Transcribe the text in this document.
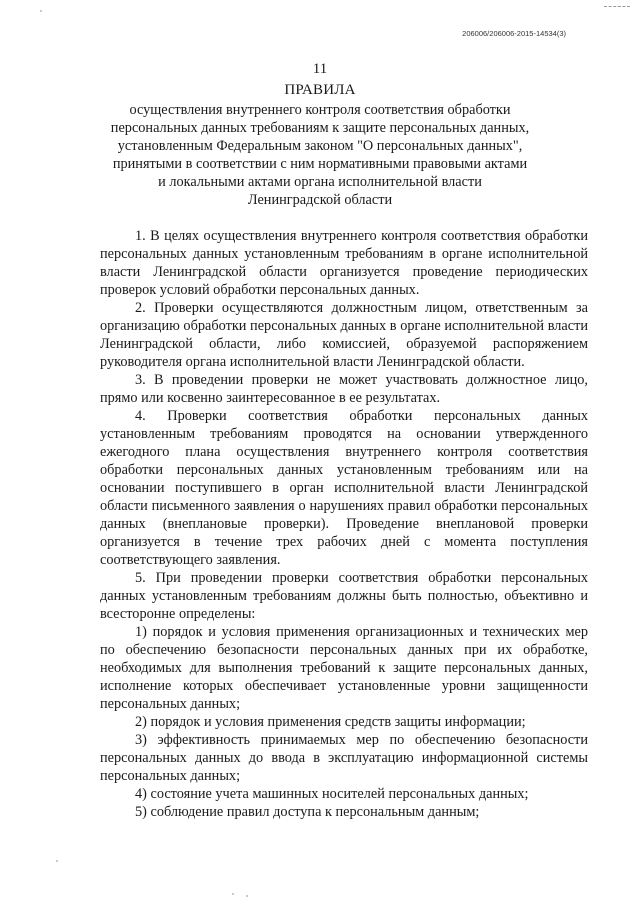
206006/206006-2015-14534(3)
11
ПРАВИЛА
осуществления внутреннего контроля соответствия обработки
персональных данных требованиям к защите персональных данных,
установленным Федеральным законом "О персональных данных",
принятыми в соответствии с ним нормативными правовыми актами
и локальными актами органа исполнительной власти
Ленинградской области

1. В целях осуществления внутреннего контроля соответствия обработки персональных данных установленным требованиям в органе исполнительной власти Ленинградской области организуется проведение периодических проверок условий обработки персональных данных.

2. Проверки осуществляются должностным лицом, ответственным за организацию обработки персональных данных в органе исполнительной власти Ленинградской области, либо комиссией, образуемой распоряжением руководителя органа исполнительной власти Ленинградской области.

3. В проведении проверки не может участвовать должностное лицо, прямо или косвенно заинтересованное в ее результатах.

4. Проверки соответствия обработки персональных данных установленным требованиям проводятся на основании утвержденного ежегодного плана осуществления внутреннего контроля соответствия обработки персональных данных установленным требованиям или на основании поступившего в орган исполнительной власти Ленинградской области письменного заявления о нарушениях правил обработки персональных данных (внеплановые проверки). Проведение внеплановой проверки организуется в течение трех рабочих дней с момента поступления соответствующего заявления.

5. При проведении проверки соответствия обработки персональных данных установленным требованиям должны быть полностью, объективно и всесторонне определены:

1) порядок и условия применения организационных и технических мер по обеспечению безопасности персональных данных при их обработке, необходимых для выполнения требований к защите персональных данных, исполнение которых обеспечивает установленные уровни защищенности персональных данных;

2) порядок и условия применения средств защиты информации;

3) эффективность принимаемых мер по обеспечению безопасности персональных данных до ввода в эксплуатацию информационной системы персональных данных;

4) состояние учета машинных носителей персональных данных;

5) соблюдение правил доступа к персональным данным;
